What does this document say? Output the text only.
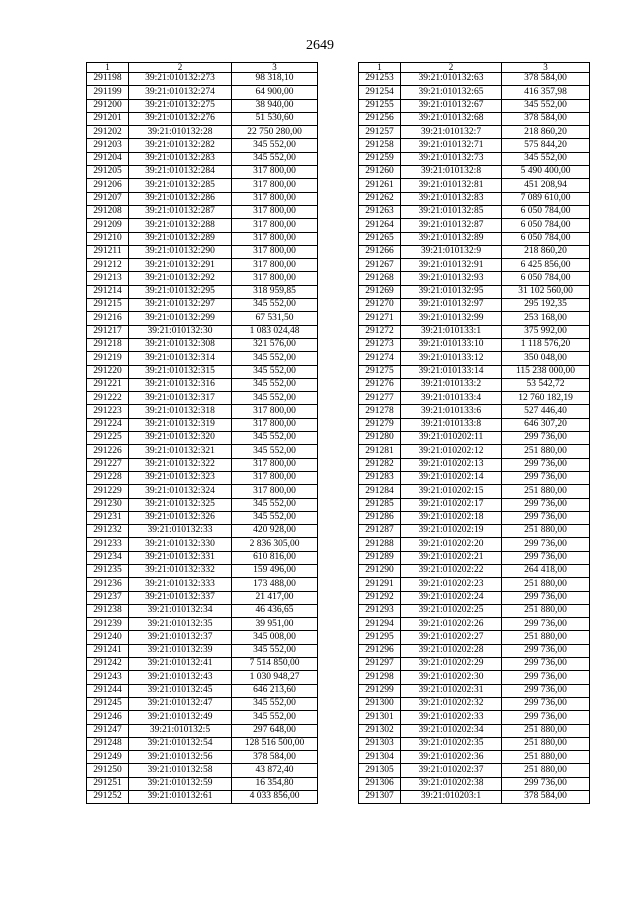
2649
1	2	3
291198	39:21:010132:273	98 318,10
291199	39:21:010132:274	64 900,00
291200	39:21:010132:275	38 940,00
291201	39:21:010132:276	51 530,60
291202	39:21:010132:28	22 750 280,00
291203	39:21:010132:282	345 552,00
291204	39:21:010132:283	345 552,00
291205	39:21:010132:284	317 800,00
291206	39:21:010132:285	317 800,00
291207	39:21:010132:286	317 800,00
291208	39:21:010132:287	317 800,00
291209	39:21:010132:288	317 800,00
291210	39:21:010132:289	317 800,00
291211	39:21:010132:290	317 800,00
291212	39:21:010132:291	317 800,00
291213	39:21:010132:292	317 800,00
291214	39:21:010132:295	318 959,85
291215	39:21:010132:297	345 552,00
291216	39:21:010132:299	67 531,50
291217	39:21:010132:30	1 083 024,48
291218	39:21:010132:308	321 576,00
291219	39:21:010132:314	345 552,00
291220	39:21:010132:315	345 552,00
291221	39:21:010132:316	345 552,00
291222	39:21:010132:317	345 552,00
291223	39:21:010132:318	317 800,00
291224	39:21:010132:319	317 800,00
291225	39:21:010132:320	345 552,00
291226	39:21:010132:321	345 552,00
291227	39:21:010132:322	317 800,00
291228	39:21:010132:323	317 800,00
291229	39:21:010132:324	317 800,00
291230	39:21:010132:325	345 552,00
291231	39:21:010132:326	345 552,00
291232	39:21:010132:33	420 928,00
291233	39:21:010132:330	2 836 305,00
291234	39:21:010132:331	610 816,00
291235	39:21:010132:332	159 496,00
291236	39:21:010132:333	173 488,00
291237	39:21:010132:337	21 417,00
291238	39:21:010132:34	46 436,65
291239	39:21:010132:35	39 951,00
291240	39:21:010132:37	345 008,00
291241	39:21:010132:39	345 552,00
291242	39:21:010132:41	7 514 850,00
291243	39:21:010132:43	1 030 948,27
291244	39:21:010132:45	646 213,60
291245	39:21:010132:47	345 552,00
291246	39:21:010132:49	345 552,00
291247	39:21:010132:5	297 648,00
291248	39:21:010132:54	128 516 500,00
291249	39:21:010132:56	378 584,00
291250	39:21:010132:58	43 872,40
291251	39:21:010132:59	16 354,80
291252	39:21:010132:61	4 033 856,00
1	2	3
291253	39:21:010132:63	378 584,00
291254	39:21:010132:65	416 357,98
291255	39:21:010132:67	345 552,00
291256	39:21:010132:68	378 584,00
291257	39:21:010132:7	218 860,20
291258	39:21:010132:71	575 844,20
291259	39:21:010132:73	345 552,00
291260	39:21:010132:8	5 490 400,00
291261	39:21:010132:81	451 208,94
291262	39:21:010132:83	7 089 610,00
291263	39:21:010132:85	6 050 784,00
291264	39:21:010132:87	6 050 784,00
291265	39:21:010132:89	6 050 784,00
291266	39:21:010132:9	218 860,20
291267	39:21:010132:91	6 425 856,00
291268	39:21:010132:93	6 050 784,00
291269	39:21:010132:95	31 102 560,00
291270	39:21:010132:97	295 192,35
291271	39:21:010132:99	253 168,00
291272	39:21:010133:1	375 992,00
291273	39:21:010133:10	1 118 576,20
291274	39:21:010133:12	350 048,00
291275	39:21:010133:14	115 238 000,00
291276	39:21:010133:2	53 542,72
291277	39:21:010133:4	12 760 182,19
291278	39:21:010133:6	527 446,40
291279	39:21:010133:8	646 307,20
291280	39:21:010202:11	299 736,00
291281	39:21:010202:12	251 880,00
291282	39:21:010202:13	299 736,00
291283	39:21:010202:14	299 736,00
291284	39:21:010202:15	251 880,00
291285	39:21:010202:17	299 736,00
291286	39:21:010202:18	299 736,00
291287	39:21:010202:19	251 880,00
291288	39:21:010202:20	299 736,00
291289	39:21:010202:21	299 736,00
291290	39:21:010202:22	264 418,00
291291	39:21:010202:23	251 880,00
291292	39:21:010202:24	299 736,00
291293	39:21:010202:25	251 880,00
291294	39:21:010202:26	299 736,00
291295	39:21:010202:27	251 880,00
291296	39:21:010202:28	299 736,00
291297	39:21:010202:29	299 736,00
291298	39:21:010202:30	299 736,00
291299	39:21:010202:31	299 736,00
291300	39:21:010202:32	299 736,00
291301	39:21:010202:33	299 736,00
291302	39:21:010202:34	251 880,00
291303	39:21:010202:35	251 880,00
291304	39:21:010202:36	251 880,00
291305	39:21:010202:37	251 880,00
291306	39:21:010202:38	299 736,00
291307	39:21:010203:1	378 584,00
